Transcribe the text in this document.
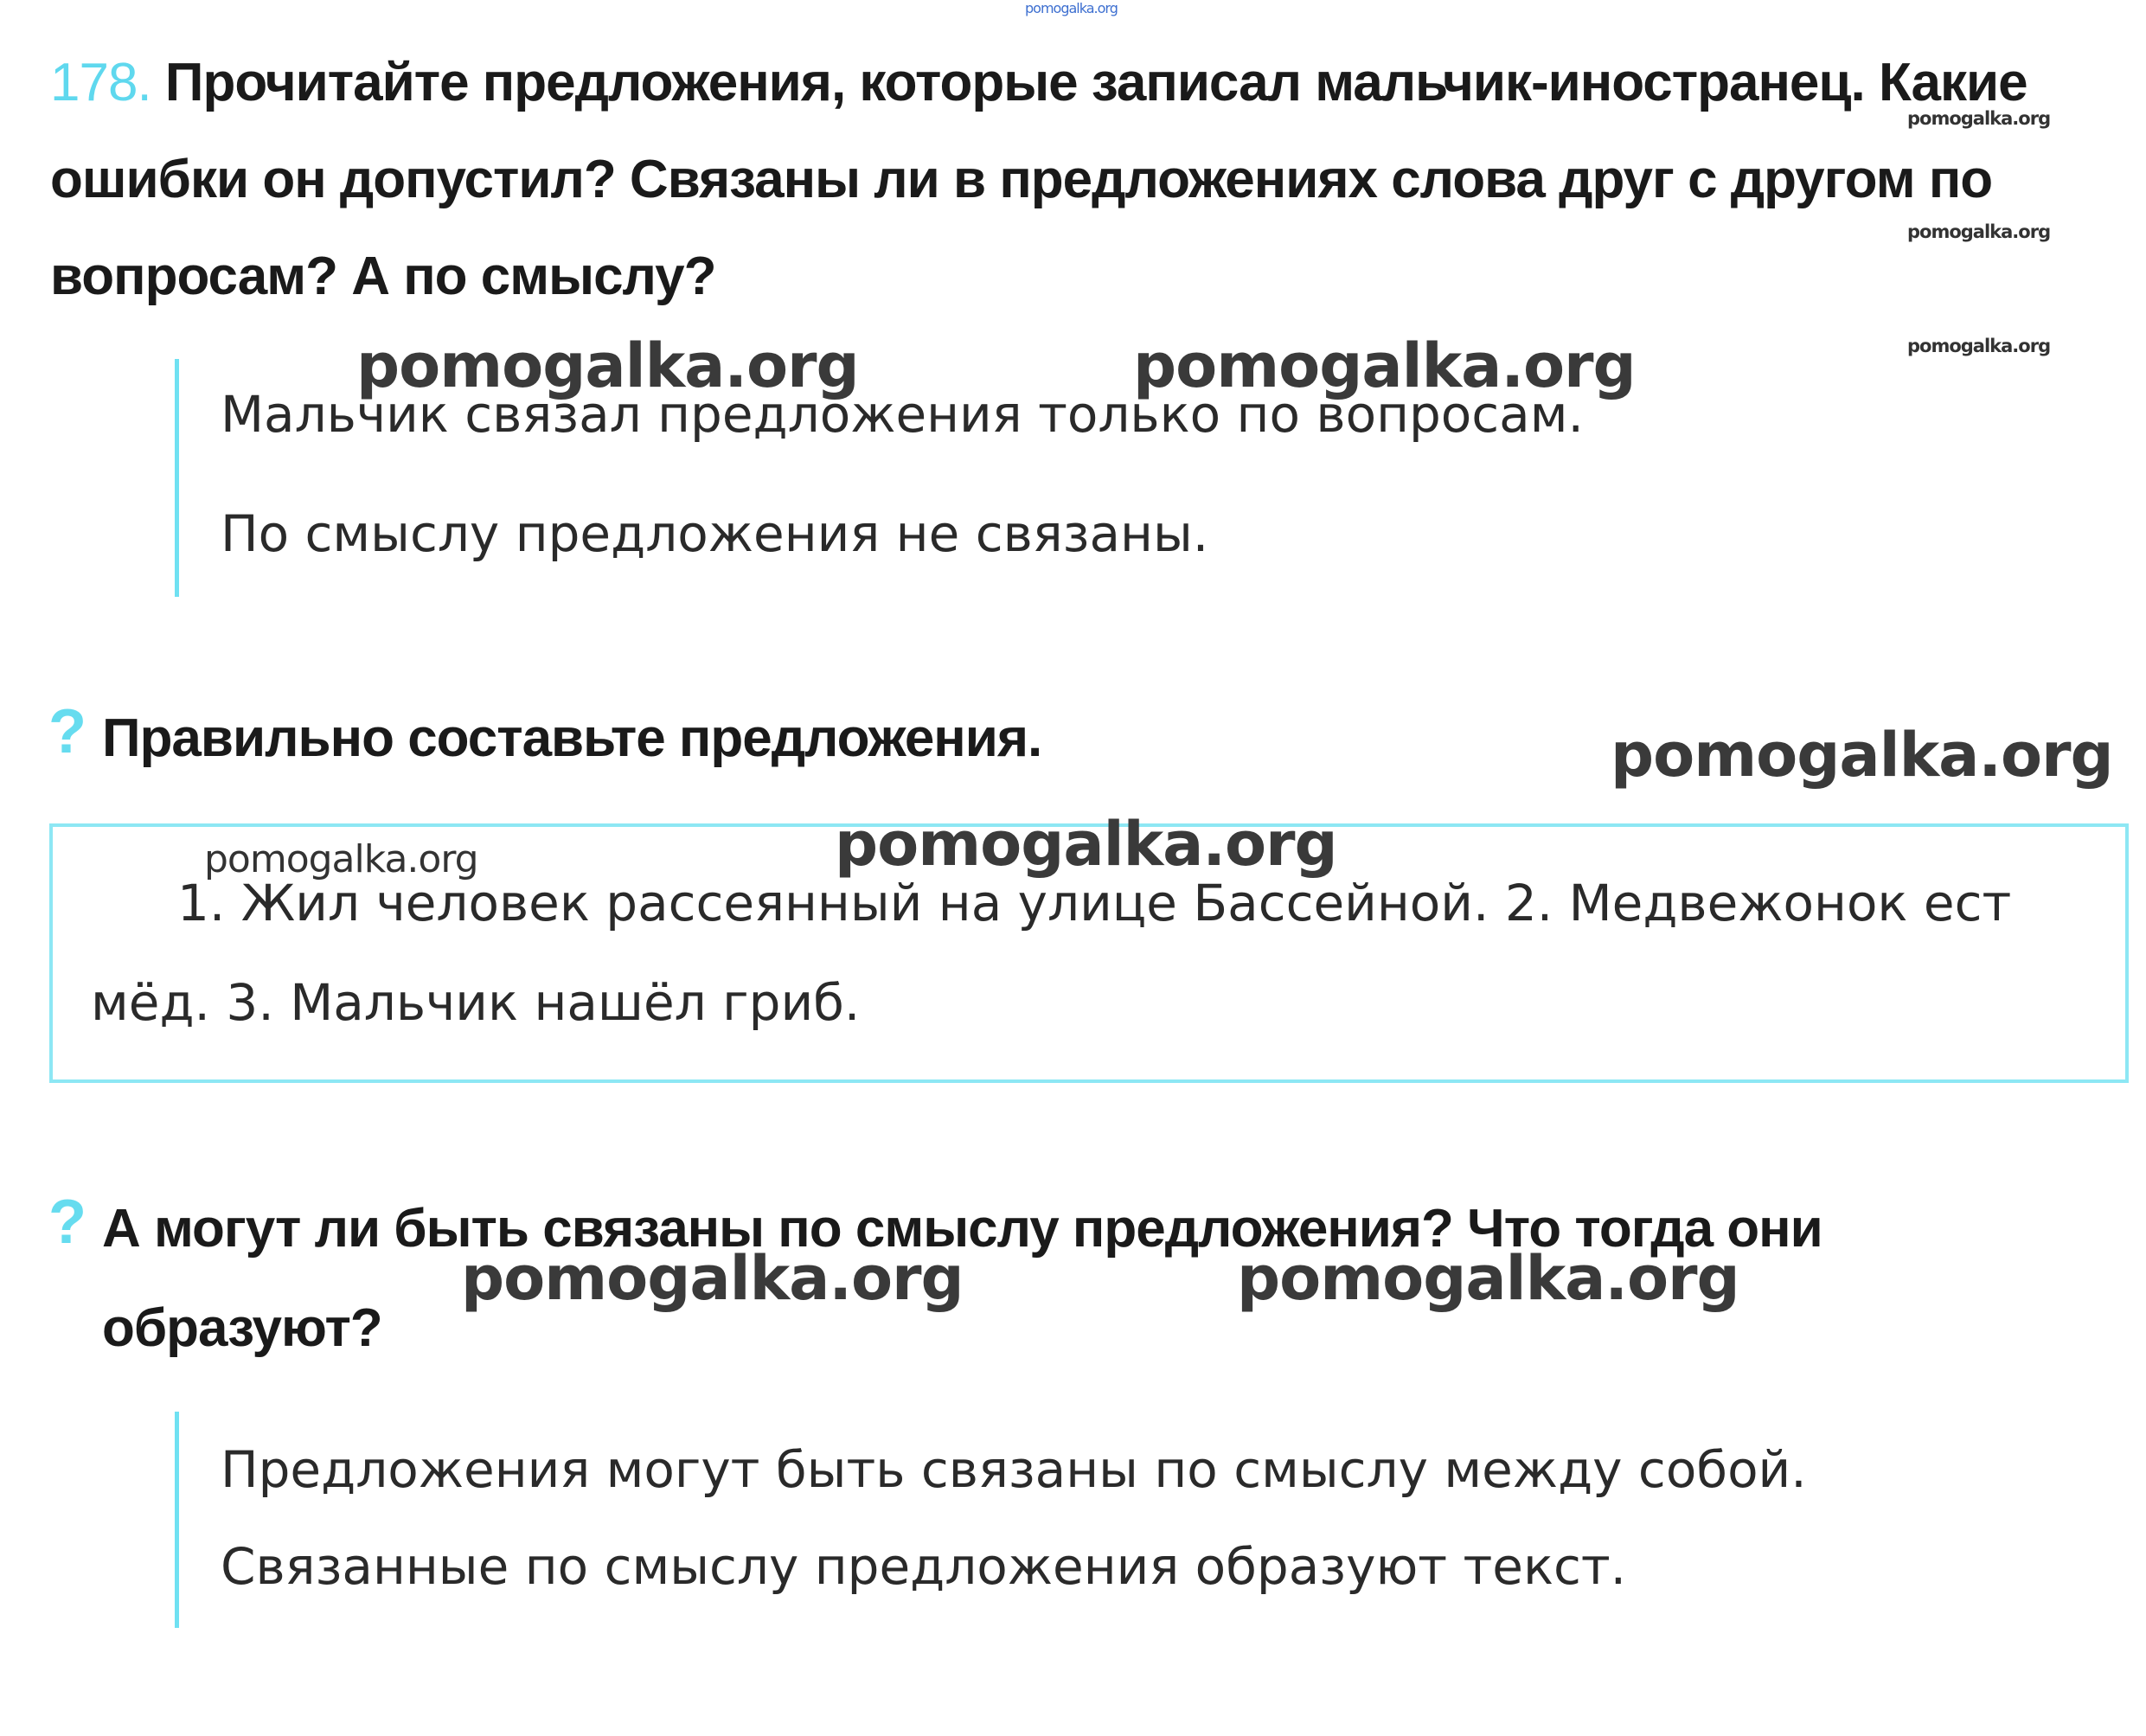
pomogalka.org
178. Прочитайте предложения, которые записал мальчик-иностранец. Какие
ошибки он допустил? Связаны ли в предложениях слова друг с другом по
вопросам? А по смыслу?
pomogalka.org
pomogalka.org
pomogalka.org
Мальчик связал предложения только по вопросам.
По смыслу предложения не связаны.
pomogalka.org	pomogalka.org
? Правильно составьте предложения.	pomogalka.org
pomogalka.org	pomogalka.org
1. Жил человек рассеянный на улице Бассейной. 2. Медвежонок ест
мёд. 3. Мальчик нашёл гриб.
? А могут ли быть связаны по смыслу предложения? Что тогда они
образуют?
pomogalka.org	pomogalka.org
Предложения могут быть связаны по смыслу между собой.
Связанные по смыслу предложения образуют текст.
